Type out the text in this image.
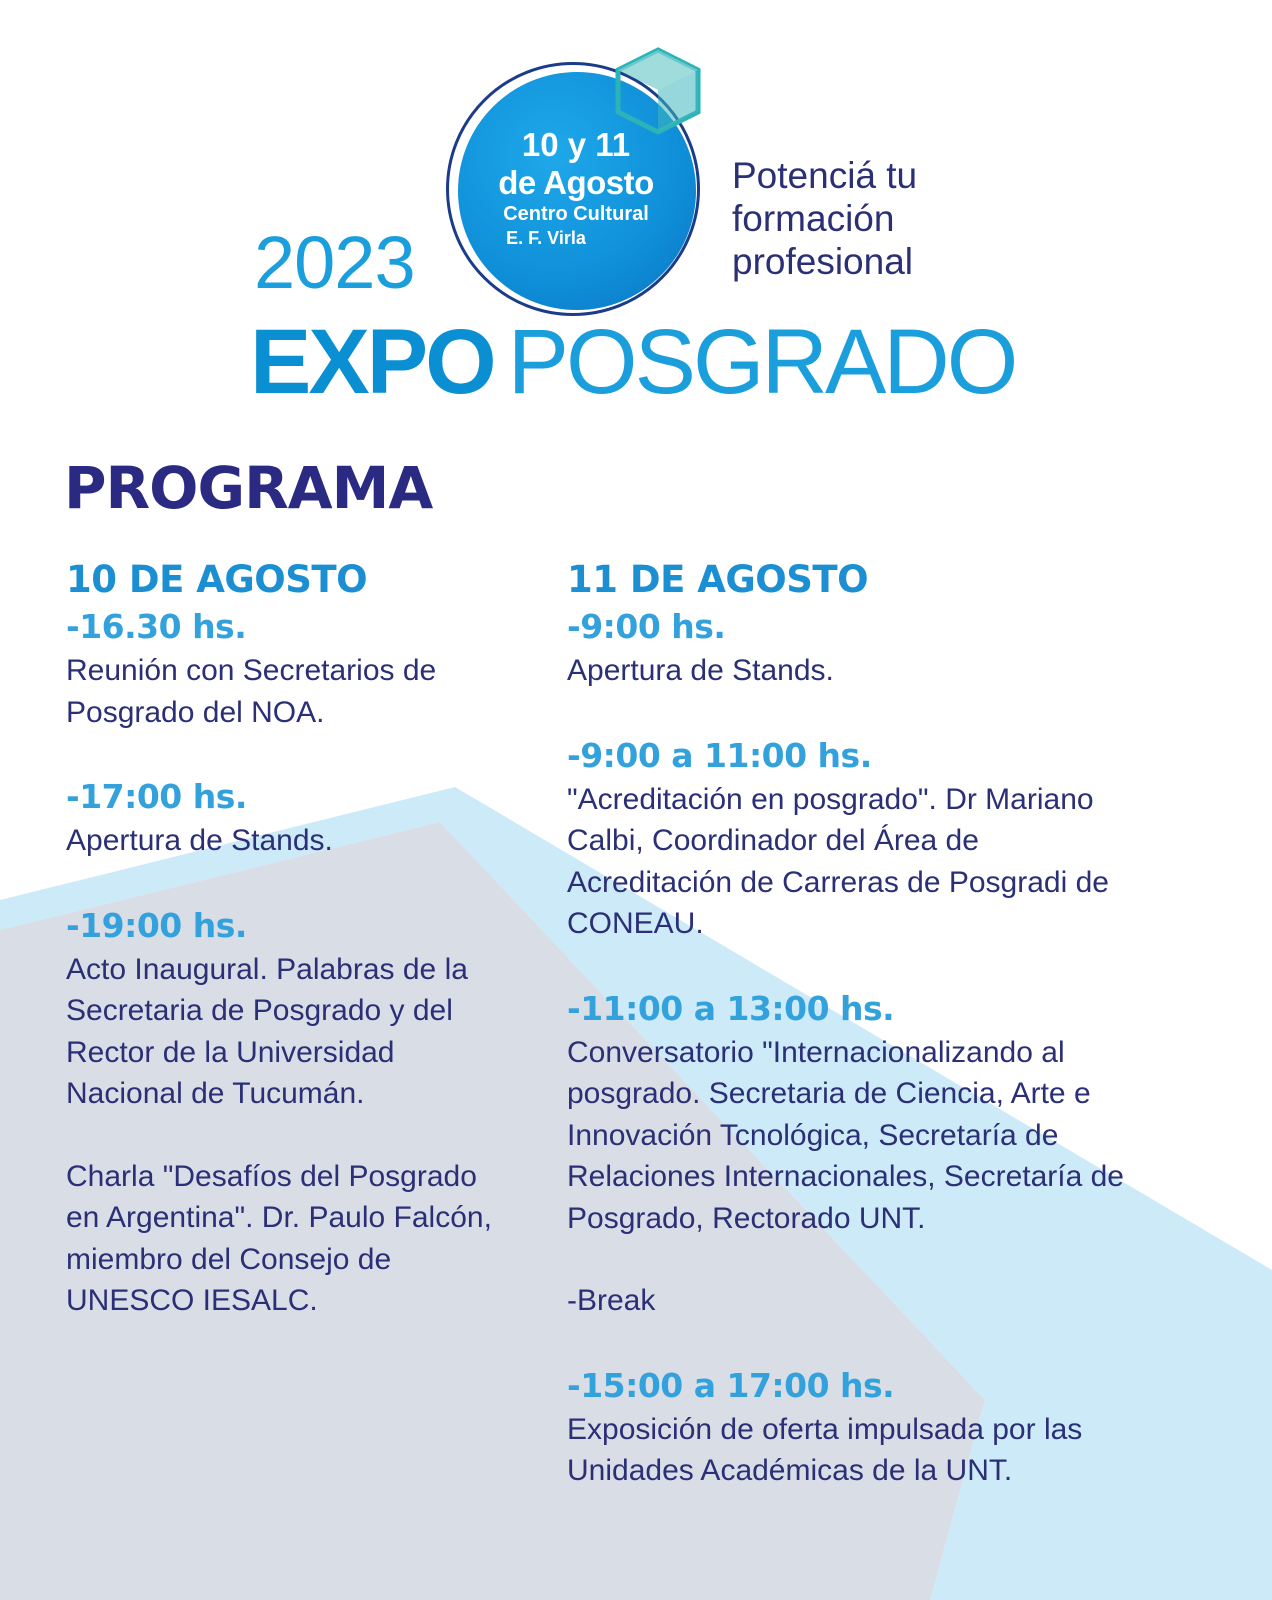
10 y 11
de Agosto
Centro Cultural
E. F. Virla
Potenciá tu
formación
profesional
2023
EXPO POSGRADO
PROGRAMA
10 DE AGOSTO
-16.30 hs.
Reunión con Secretarios de
Posgrado del NOA.
-17:00 hs.
Apertura de Stands.
-19:00 hs.
Acto Inaugural. Palabras de la
Secretaria de Posgrado y del
Rector de la Universidad
Nacional de Tucumán.
Charla "Desafíos del Posgrado
en Argentina". Dr. Paulo Falcón,
miembro del Consejo de
UNESCO IESALC.
11 DE AGOSTO
-9:00 hs.
Apertura de Stands.
-9:00 a 11:00 hs.
"Acreditación en posgrado". Dr Mariano
Calbi, Coordinador del Área de
Acreditación de Carreras de Posgradi de
CONEAU.
-11:00 a 13:00 hs.
Conversatorio "Internacionalizando al
posgrado. Secretaria de Ciencia, Arte e
Innovación Tcnológica, Secretaría de
Relaciones Internacionales, Secretaría de
Posgrado, Rectorado UNT.
-Break
-15:00 a 17:00 hs.
Exposición de oferta impulsada por las
Unidades Académicas de la UNT.
